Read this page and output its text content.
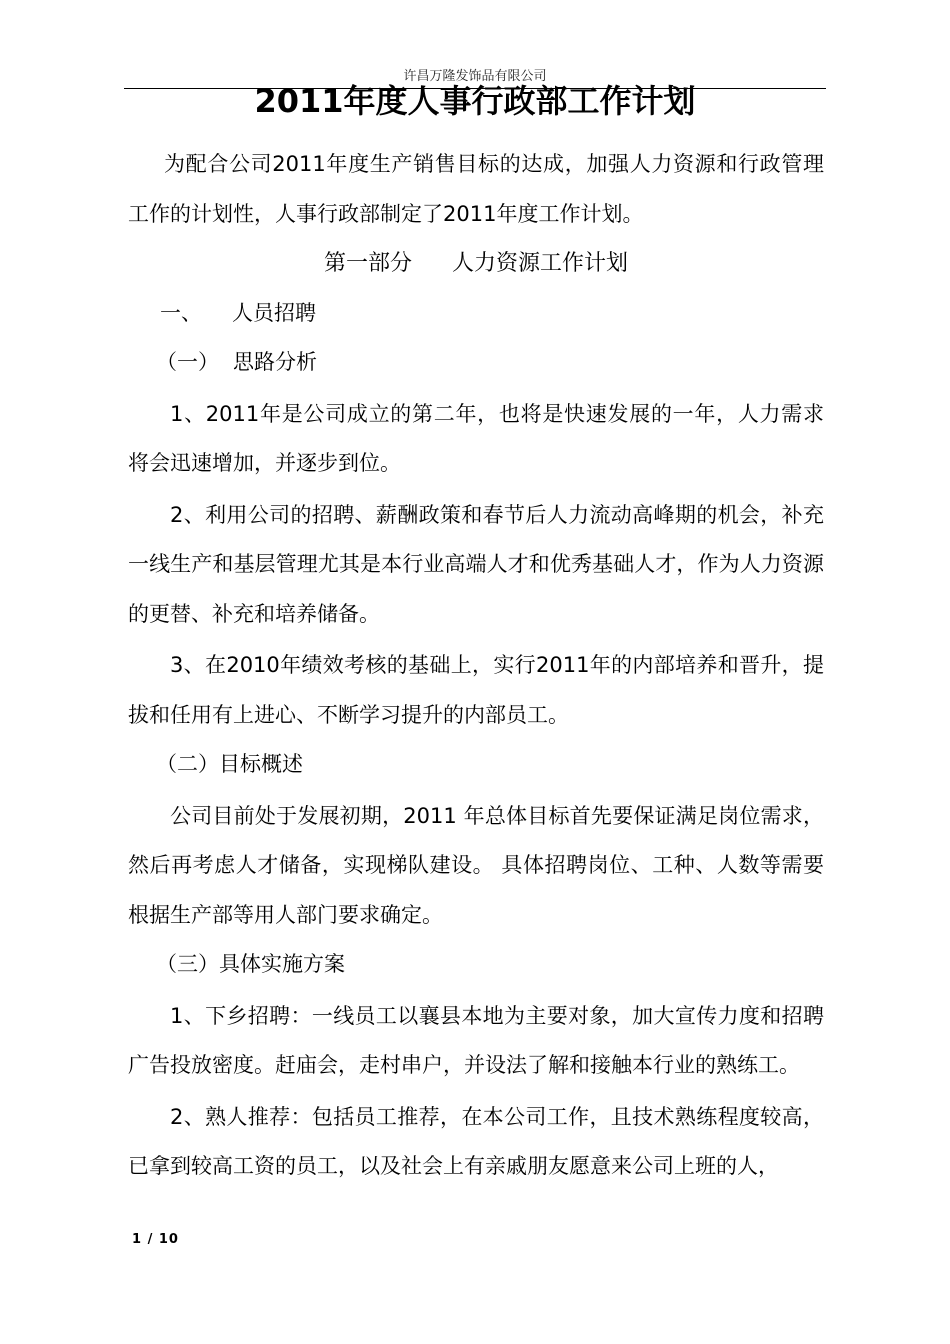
许昌万隆发饰品有限公司
2011年度人事行政部工作计划

为配合公司2011年度生产销售目标的达成，加强人力资源和行政管理工作的计划性，人事行政部制定了2011年度工作计划。

第一部分 人力资源工作计划

一、 人员招聘

（一） 思路分析

1、2011年是公司成立的第二年，也将是快速发展的一年，人力需求将会迅速增加，并逐步到位。

2、利用公司的招聘、薪酬政策和春节后人力流动高峰期的机会，补充一线生产和基层管理尤其是本行业高端人才和优秀基础人才，作为人力资源的更替、补充和培养储备。

3、在2010年绩效考核的基础上，实行2011年的内部培养和晋升，提拔和任用有上进心、不断学习提升的内部员工。

（二）目标概述

公司目前处于发展初期，2011 年总体目标首先要保证满足岗位需求，然后再考虑人才储备，实现梯队建设。 具体招聘岗位、工种、人数等需要根据生产部等用人部门要求确定。

（三）具体实施方案

1、下乡招聘：一线员工以襄县本地为主要对象，加大宣传力度和招聘广告投放密度。赶庙会，走村串户，并设法了解和接触本行业的熟练工。

2、熟人推荐：包括员工推荐，在本公司工作，且技术熟练程度较高，已拿到较高工资的员工，以及社会上有亲戚朋友愿意来公司上班的人，

1 / 10
